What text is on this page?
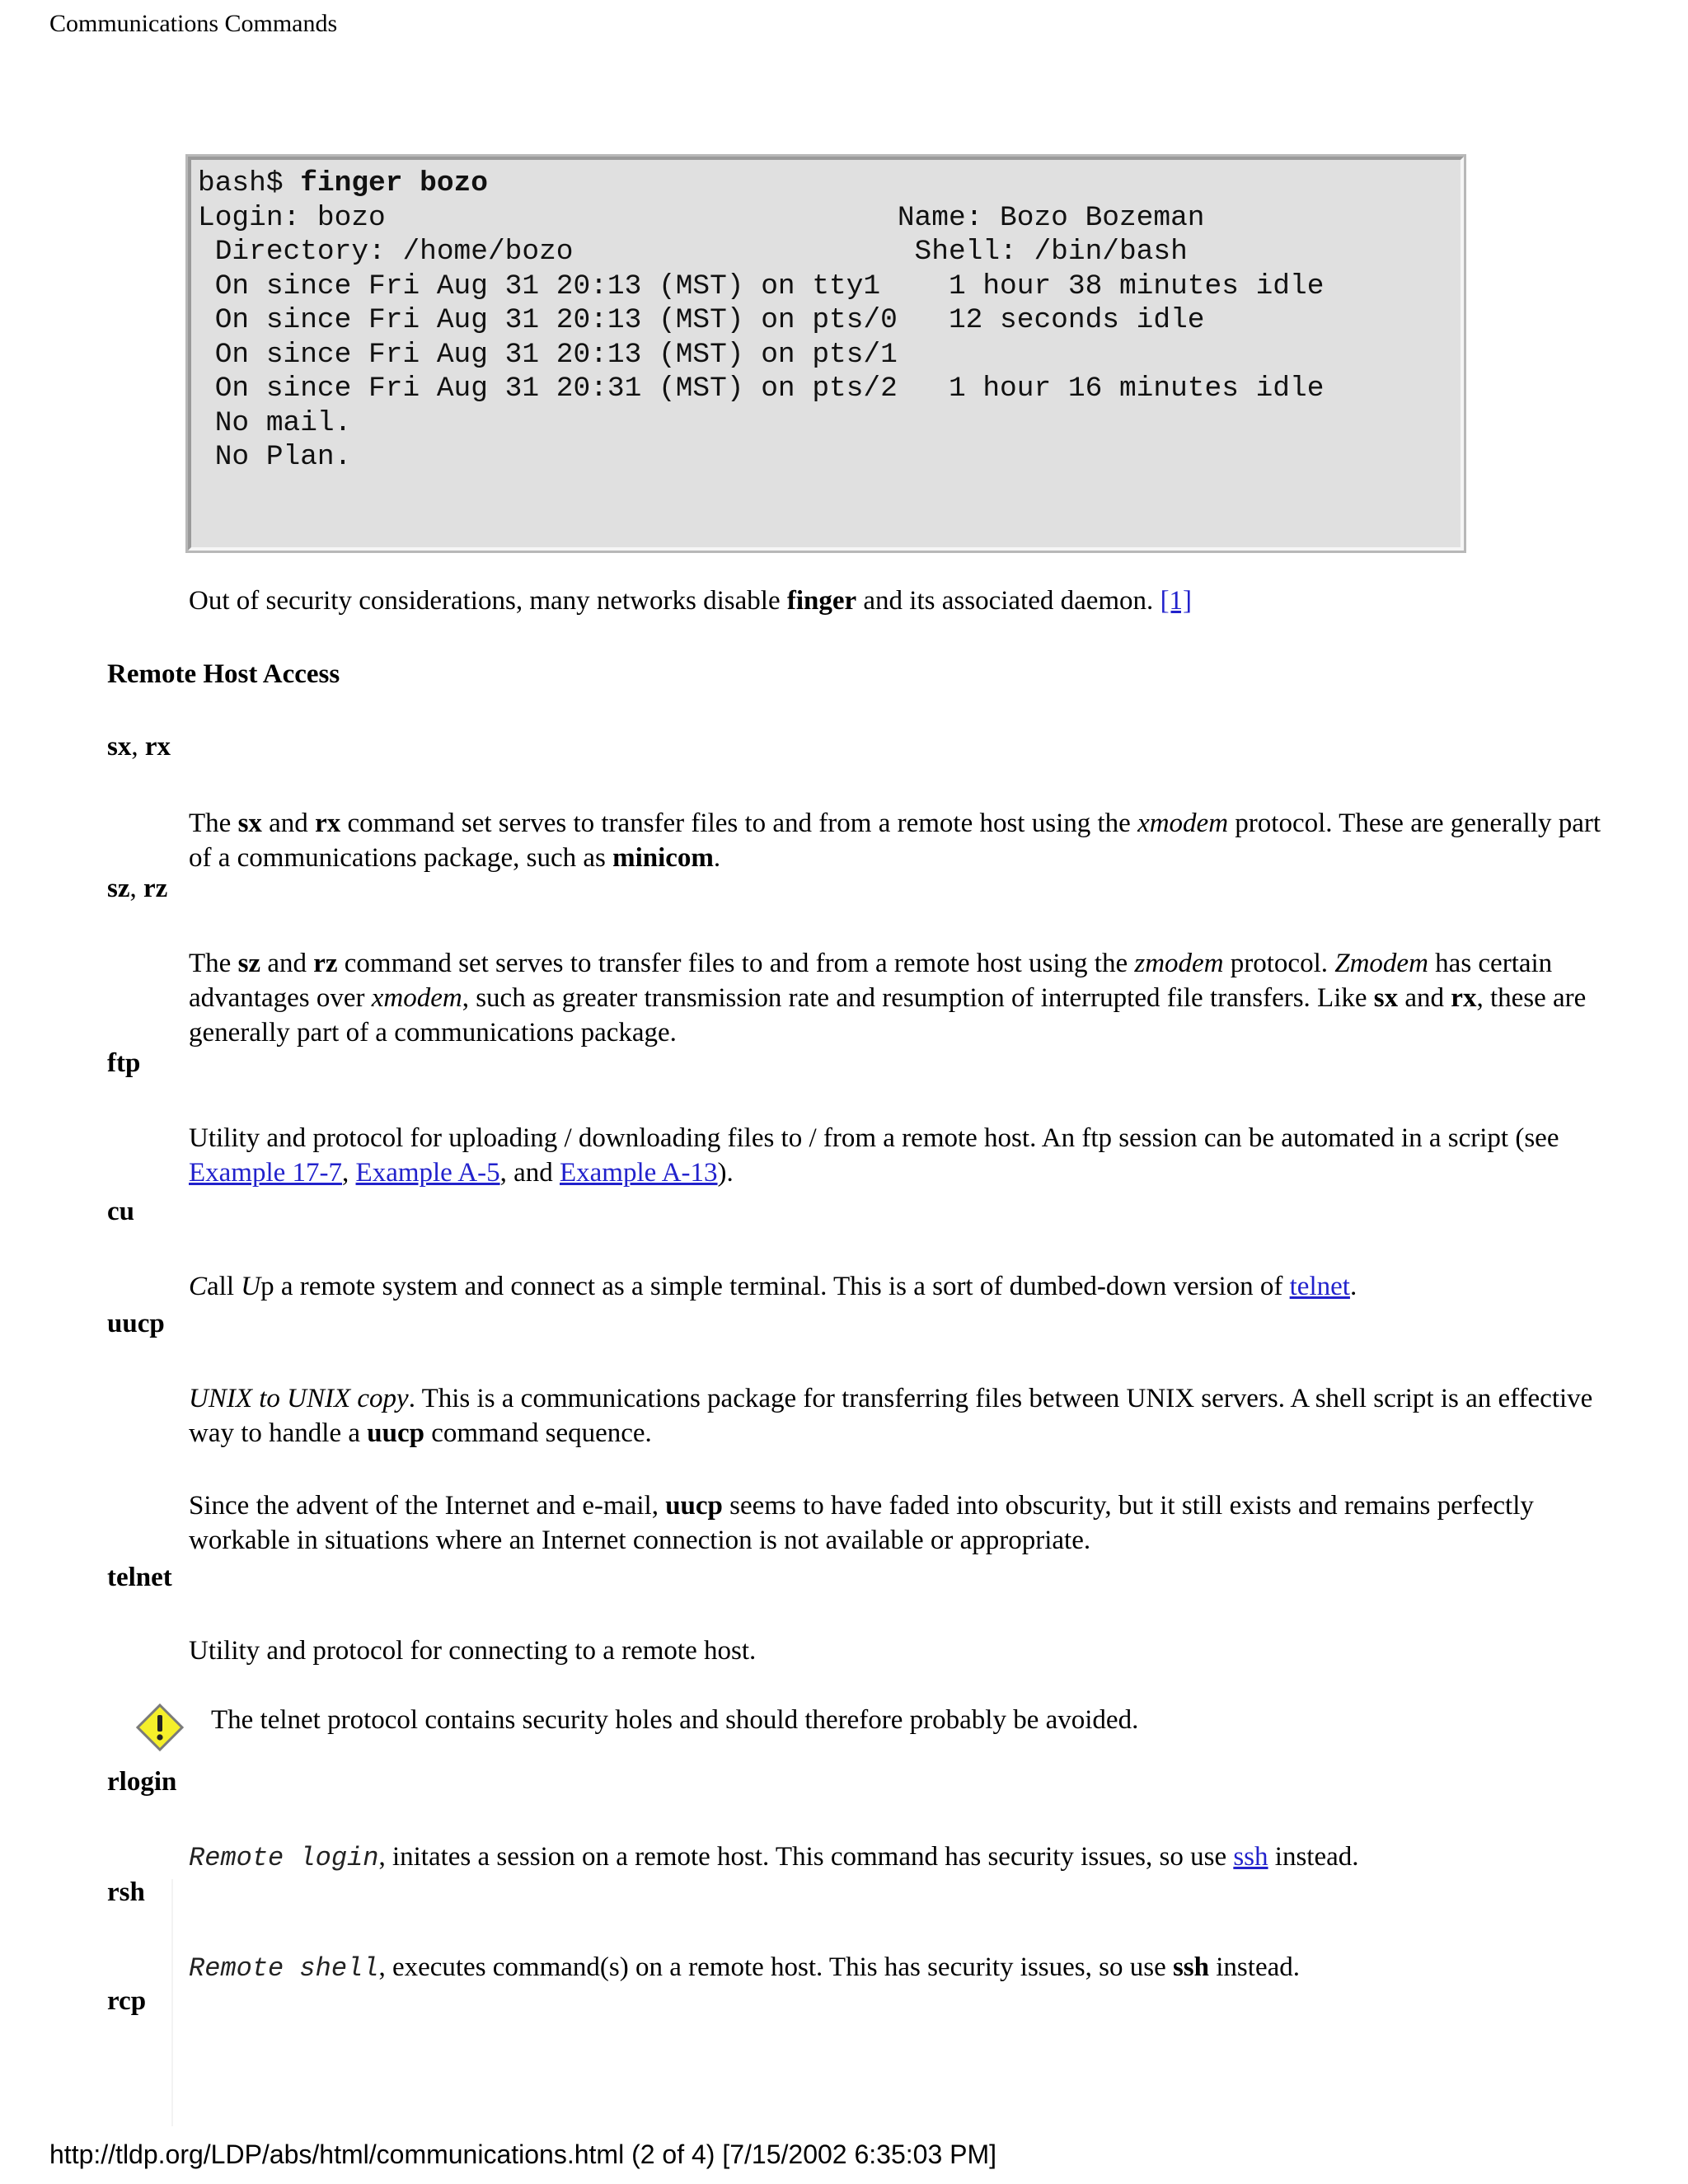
Communications Commands
bash$ finger bozo
Login: bozo                              Name: Bozo Bozeman
Directory: /home/bozo                    Shell: /bin/bash
On since Fri Aug 31 20:13 (MST) on tty1    1 hour 38 minutes idle
On since Fri Aug 31 20:13 (MST) on pts/0   12 seconds idle
On since Fri Aug 31 20:13 (MST) on pts/1
On since Fri Aug 31 20:31 (MST) on pts/2   1 hour 16 minutes idle
No mail.
No Plan.
Out of security considerations, many networks disable finger and its associated daemon. [1]
Remote Host Access
sx, rx
The sx and rx command set serves to transfer files to and from a remote host using the xmodem protocol. These are generally part of a communications package, such as minicom.
sz, rz
The sz and rz command set serves to transfer files to and from a remote host using the zmodem protocol. Zmodem has certain advantages over xmodem, such as greater transmission rate and resumption of interrupted file transfers. Like sx and rx, these are generally part of a communications package.
ftp
Utility and protocol for uploading / downloading files to / from a remote host. An ftp session can be automated in a script (see Example 17-7, Example A-5, and Example A-13).
cu
Call Up a remote system and connect as a simple terminal. This is a sort of dumbed-down version of telnet.
uucp
UNIX to UNIX copy. This is a communications package for transferring files between UNIX servers. A shell script is an effective way to handle a uucp command sequence.
Since the advent of the Internet and e-mail, uucp seems to have faded into obscurity, but it still exists and remains perfectly workable in situations where an Internet connection is not available or appropriate.
telnet
Utility and protocol for connecting to a remote host.
The telnet protocol contains security holes and should therefore probably be avoided.
rlogin
Remote login, initates a session on a remote host. This command has security issues, so use ssh instead.
rsh
Remote shell, executes command(s) on a remote host. This has security issues, so use ssh instead.
rcp
http://tldp.org/LDP/abs/html/communications.html (2 of 4) [7/15/2002 6:35:03 PM]
